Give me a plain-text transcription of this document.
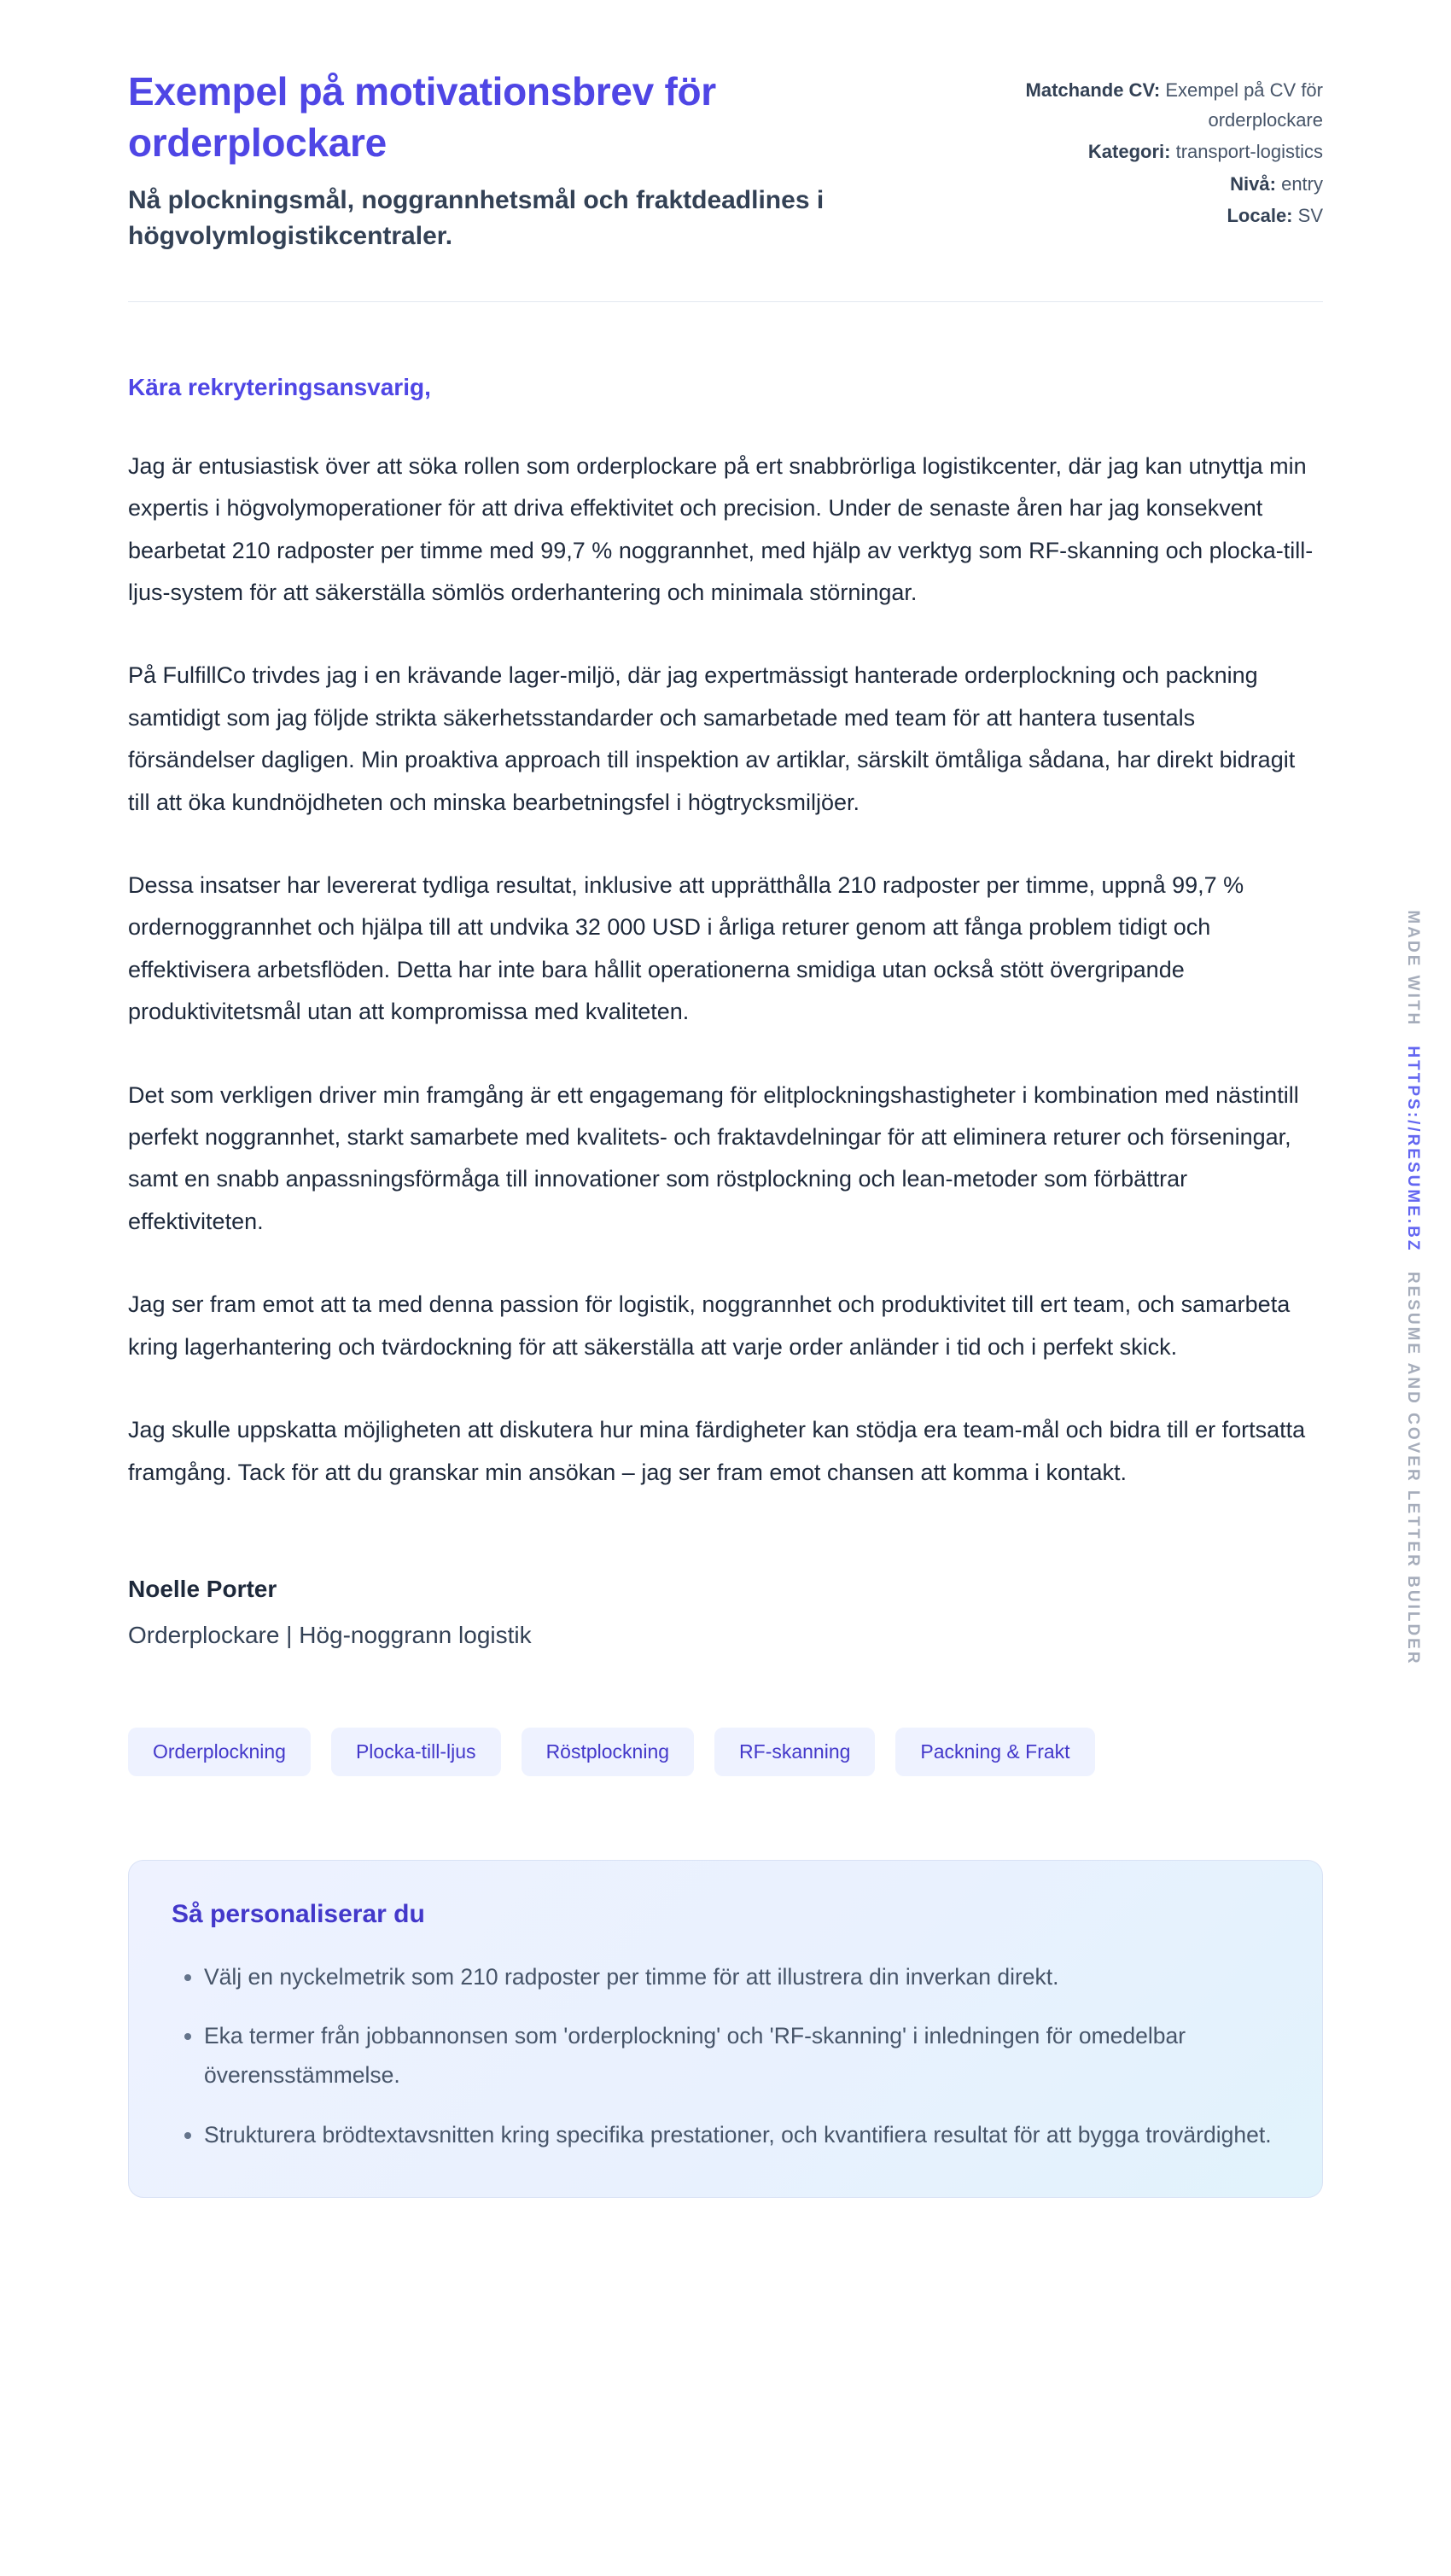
Exempel på motivationsbrev för orderplockare
Nå plockningsmål, noggrannhetsmål och fraktdeadlines i högvolymlogistikcentraler.
Matchande CV: Exempel på CV för orderplockare
Kategori: transport-logistics
Nivå: entry
Locale: SV
Kära rekryteringsansvarig,

Jag är entusiastisk över att söka rollen som orderplockare på ert snabbrörliga logistikcenter, där jag kan utnyttja min expertis i högvolymoperationer för att driva effektivitet och precision. Under de senaste åren har jag konsekvent bearbetat 210 radposter per timme med 99,7 % noggrannhet, med hjälp av verktyg som RF-skanning och plocka-till-ljus-system för att säkerställa sömlös orderhantering och minimala störningar.

På FulfillCo trivdes jag i en krävande lager-miljö, där jag expertmässigt hanterade orderplockning och packning samtidigt som jag följde strikta säkerhetsstandarder och samarbetade med team för att hantera tusentals försändelser dagligen. Min proaktiva approach till inspektion av artiklar, särskilt ömtåliga sådana, har direkt bidragit till att öka kundnöjdheten och minska bearbetningsfel i högtrycksmiljöer.

Dessa insatser har levererat tydliga resultat, inklusive att upprätthålla 210 radposter per timme, uppnå 99,7 % ordernoggrannhet och hjälpa till att undvika 32 000 USD i årliga returer genom att fånga problem tidigt och effektivisera arbetsflöden. Detta har inte bara hållit operationerna smidiga utan också stött övergripande produktivitetsmål utan att kompromissa med kvaliteten.

Det som verkligen driver min framgång är ett engagemang för elitplockningshastigheter i kombination med nästintill perfekt noggrannhet, starkt samarbete med kvalitets- och fraktavdelningar för att eliminera returer och förseningar, samt en snabb anpassningsförmåga till innovationer som röstplockning och lean-metoder som förbättrar effektiviteten.

Jag ser fram emot att ta med denna passion för logistik, noggrannhet och produktivitet till ert team, och samarbeta kring lagerhantering och tvärdockning för att säkerställa att varje order anländer i tid och i perfekt skick.

Jag skulle uppskatta möjligheten att diskutera hur mina färdigheter kan stödja era team-mål och bidra till er fortsatta framgång. Tack för att du granskar min ansökan – jag ser fram emot chansen att komma i kontakt.

Noelle Porter
Orderplockare | Hög-noggrann logistik
Orderplockning	Plocka-till-ljus	Röstplockning	RF-skanning	Packning & Frakt
Så personaliserar du
• Välj en nyckelmetrik som 210 radposter per timme för att illustrera din inverkan direkt.
• Eka termer från jobbannonsen som 'orderplockning' och 'RF-skanning' i inledningen för omedelbar överensstämmelse.
• Strukturera brödtextavsnitten kring specifika prestationer, och kvantifiera resultat för att bygga trovärdighet.
MADE WITH HTTPS://RESUME.BZ RESUME AND COVER LETTER BUILDER
